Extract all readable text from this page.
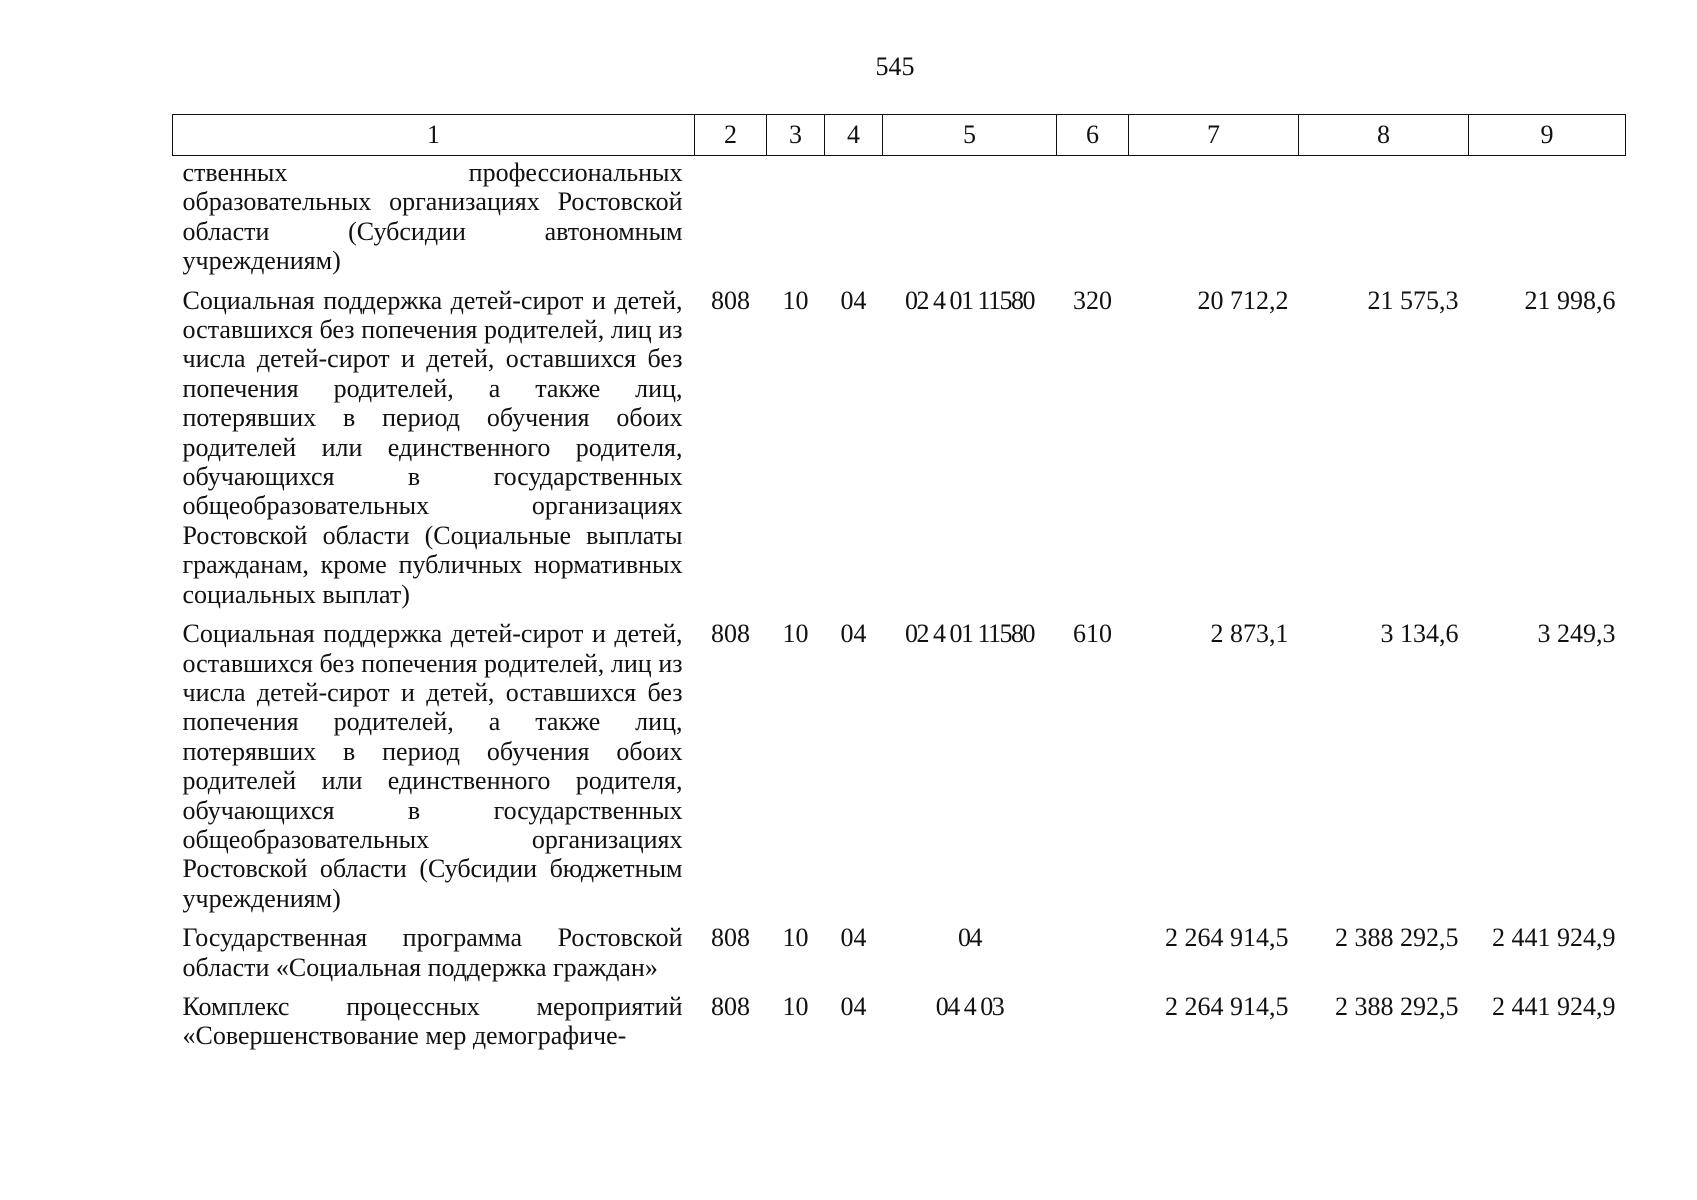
545
1	2	3	4	5	6	7	8	9
ственных профессиональных образовательных организациях Ростовской области (Субсидии автономным учреждениям)								
Социальная поддержка детей-сирот и детей, оставшихся без попечения родителей, лиц из числа детей-сирот и детей, оставшихся без попечения родителей, а также лиц, потерявших в период обучения обоих родителей или единственного родителя, обучающихся в государственных общеобразовательных организациях Ростовской области (Социальные выплаты гражданам, кроме публичных нормативных социальных выплат)	808	10	04	02 4 01 11580	320	20 712,2	21 575,3	21 998,6
Социальная поддержка детей-сирот и детей, оставшихся без попечения родителей, лиц из числа детей-сирот и детей, оставшихся без попечения родителей, а также лиц, потерявших в период обучения обоих родителей или единственного родителя, обучающихся в государственных общеобразовательных организациях Ростовской области (Субсидии бюджетным учреждениям)	808	10	04	02 4 01 11580	610	2 873,1	3 134,6	3 249,3
Государственная программа Ростовской области «Социальная поддержка граждан»	808	10	04	04		2 264 914,5	2 388 292,5	2 441 924,9
Комплекс процессных мероприятий «Совершенствование мер демографиче-	808	10	04	04 4 03		2 264 914,5	2 388 292,5	2 441 924,9
